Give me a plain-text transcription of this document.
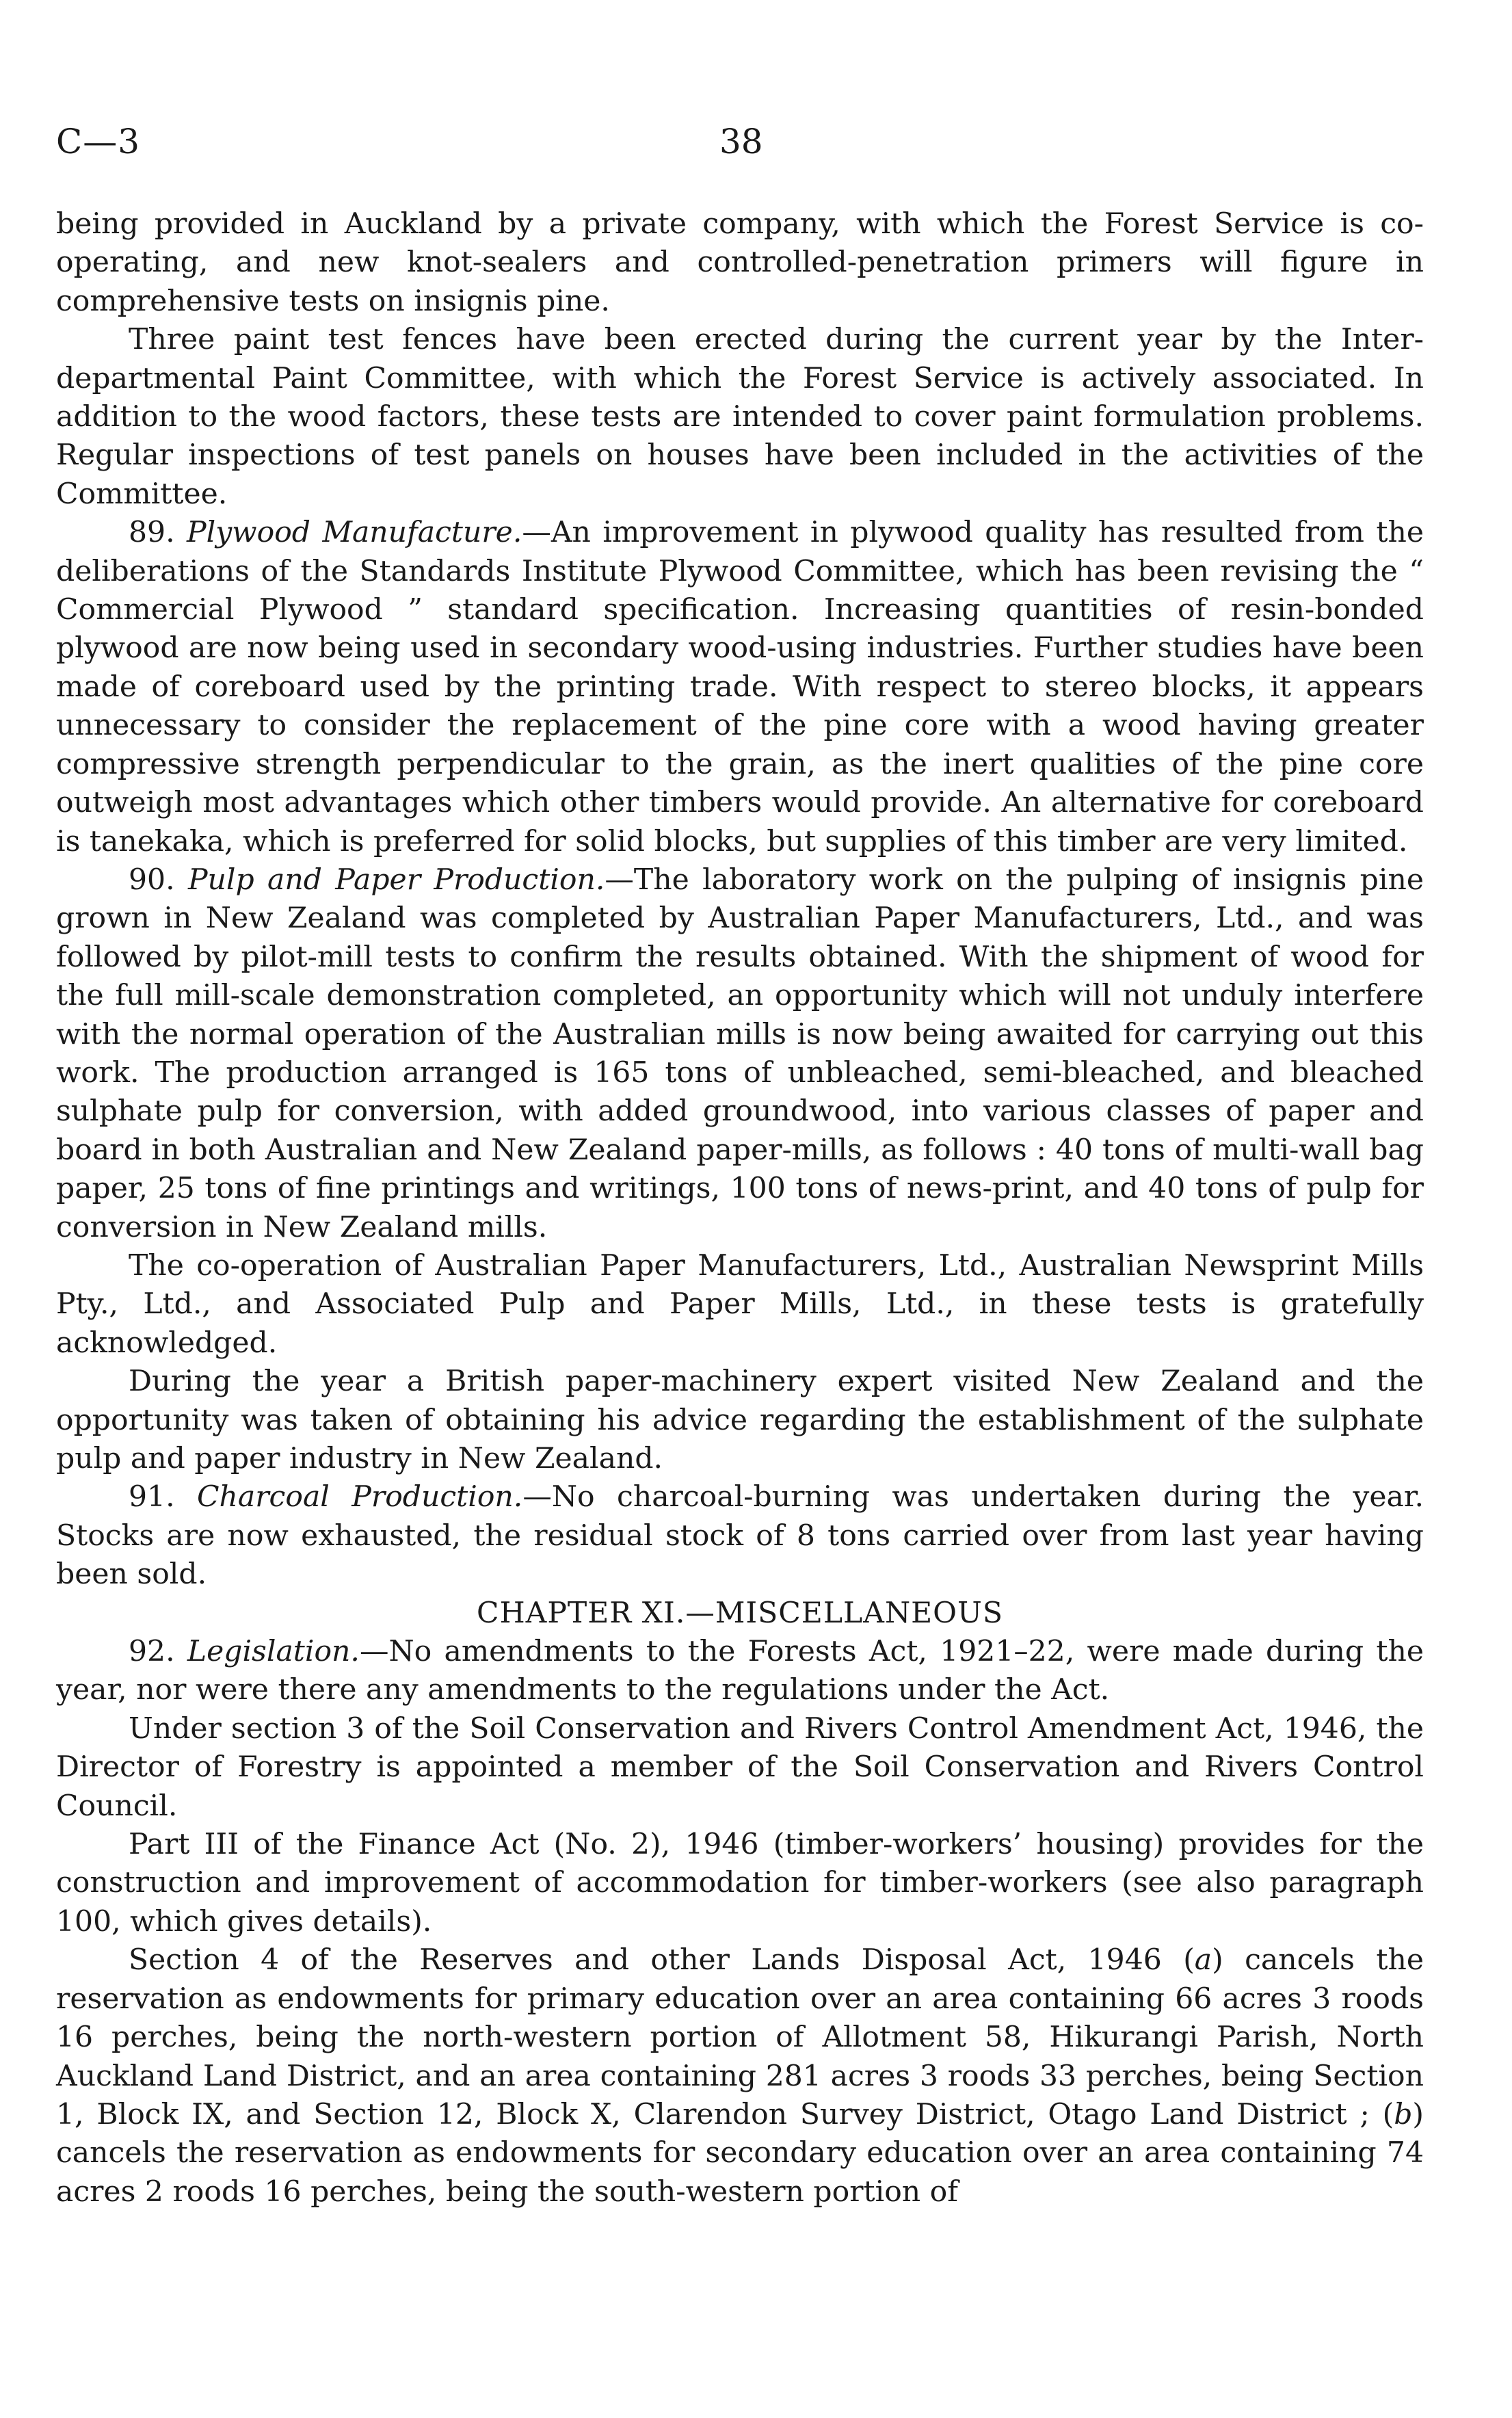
C—3	38

being provided in Auckland by a private company, with which the Forest Service is co-operating, and new knot-sealers and controlled-penetration primers will figure in comprehensive tests on insignis pine.

Three paint test fences have been erected during the current year by the Inter-departmental Paint Committee, with which the Forest Service is actively associated. In addition to the wood factors, these tests are intended to cover paint formulation problems. Regular inspections of test panels on houses have been included in the activities of the Committee.

89. Plywood Manufacture.—An improvement in plywood quality has resulted from the deliberations of the Standards Institute Plywood Committee, which has been revising the “ Commercial Plywood ” standard specification. Increasing quantities of resin-bonded plywood are now being used in secondary wood-using industries. Further studies have been made of coreboard used by the printing trade. With respect to stereo blocks, it appears unnecessary to consider the replacement of the pine core with a wood having greater compressive strength perpendicular to the grain, as the inert qualities of the pine core outweigh most advantages which other timbers would provide. An alternative for coreboard is tanekaka, which is preferred for solid blocks, but supplies of this timber are very limited.

90. Pulp and Paper Production.—The laboratory work on the pulping of insignis pine grown in New Zealand was completed by Australian Paper Manufacturers, Ltd., and was followed by pilot-mill tests to confirm the results obtained. With the shipment of wood for the full mill-scale demonstration completed, an opportunity which will not unduly interfere with the normal operation of the Australian mills is now being awaited for carrying out this work. The production arranged is 165 tons of unbleached, semi-bleached, and bleached sulphate pulp for conversion, with added groundwood, into various classes of paper and board in both Australian and New Zealand paper-mills, as follows : 40 tons of multi-wall bag paper, 25 tons of fine printings and writings, 100 tons of news-print, and 40 tons of pulp for conversion in New Zealand mills.

The co-operation of Australian Paper Manufacturers, Ltd., Australian Newsprint Mills Pty., Ltd., and Associated Pulp and Paper Mills, Ltd., in these tests is gratefully acknowledged.

During the year a British paper-machinery expert visited New Zealand and the opportunity was taken of obtaining his advice regarding the establishment of the sulphate pulp and paper industry in New Zealand.

91. Charcoal Production.—No charcoal-burning was undertaken during the year. Stocks are now exhausted, the residual stock of 8 tons carried over from last year having been sold.

CHAPTER XI.—MISCELLANEOUS

92. Legislation.—No amendments to the Forests Act, 1921–22, were made during the year, nor were there any amendments to the regulations under the Act.

Under section 3 of the Soil Conservation and Rivers Control Amendment Act, 1946, the Director of Forestry is appointed a member of the Soil Conservation and Rivers Control Council.

Part III of the Finance Act (No. 2), 1946 (timber-workers’ housing) provides for the construction and improvement of accommodation for timber-workers (see also paragraph 100, which gives details).

Section 4 of the Reserves and other Lands Disposal Act, 1946 (a) cancels the reservation as endowments for primary education over an area containing 66 acres 3 roods 16 perches, being the north-western portion of Allotment 58, Hikurangi Parish, North Auckland Land District, and an area containing 281 acres 3 roods 33 perches, being Section 1, Block IX, and Section 12, Block X, Clarendon Survey District, Otago Land District ; (b) cancels the reservation as endowments for secondary education over an area containing 74 acres 2 roods 16 perches, being the south-western portion of
